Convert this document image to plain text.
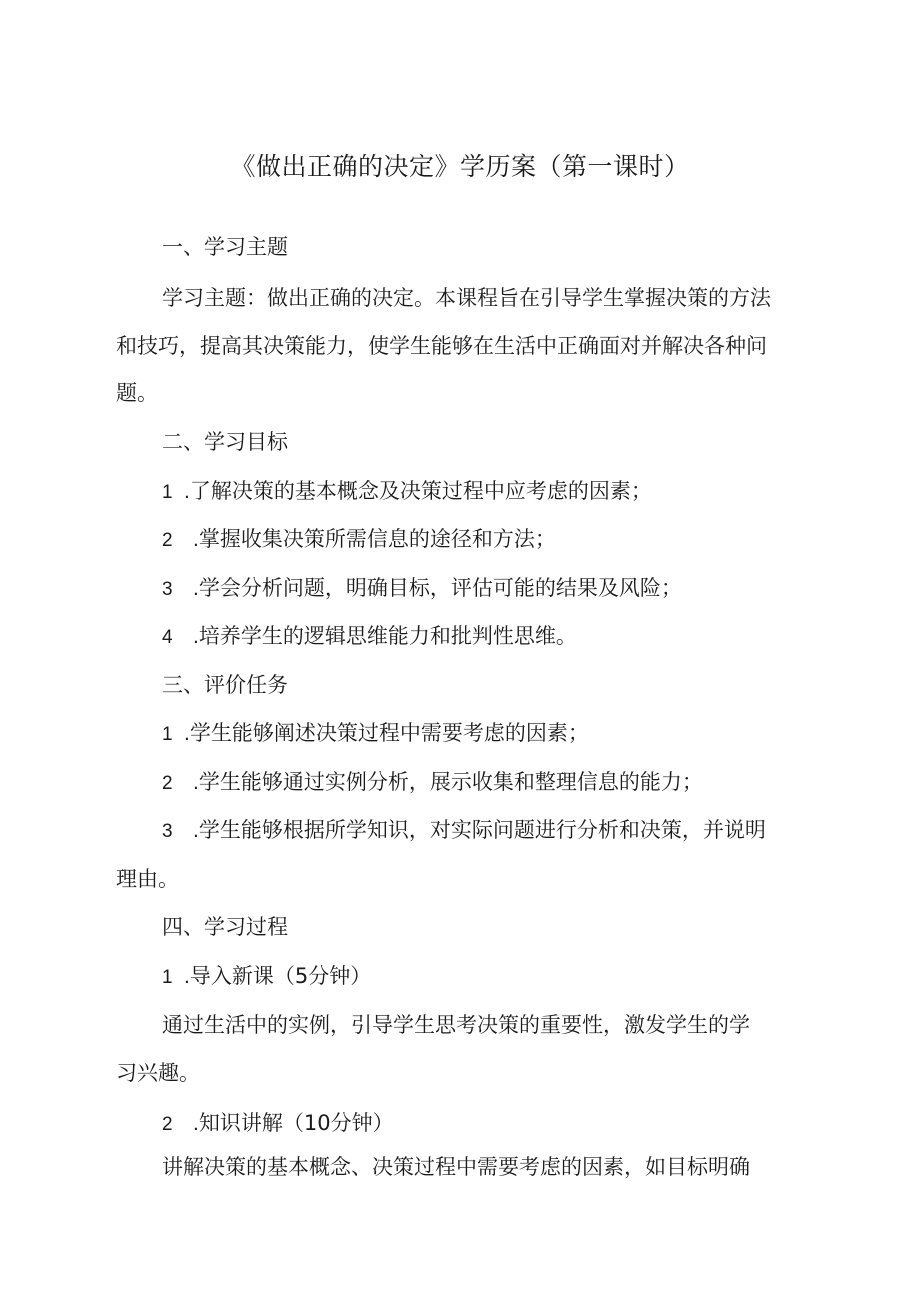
《做出正确的决定》学历案（第一课时）
一、学习主题
学习主题：做出正确的决定。本课程旨在引导学生掌握决策的方法
和技巧，提高其决策能力，使学生能够在生活中正确面对并解决各种问
题。
二、学习目标
1 .了解决策的基本概念及决策过程中应考虑的因素；
2 .掌握收集决策所需信息的途径和方法；
3 .学会分析问题，明确目标，评估可能的结果及风险；
4 .培养学生的逻辑思维能力和批判性思维。
三、评价任务
1 .学生能够阐述决策过程中需要考虑的因素；
2 .学生能够通过实例分析，展示收集和整理信息的能力；
3 .学生能够根据所学知识，对实际问题进行分析和决策，并说明
理由。
四、学习过程
1 .导入新课（5分钟）
通过生活中的实例，引导学生思考决策的重要性，激发学生的学
习兴趣。
2 .知识讲解（10分钟）
讲解决策的基本概念、决策过程中需要考虑的因素，如目标明确
